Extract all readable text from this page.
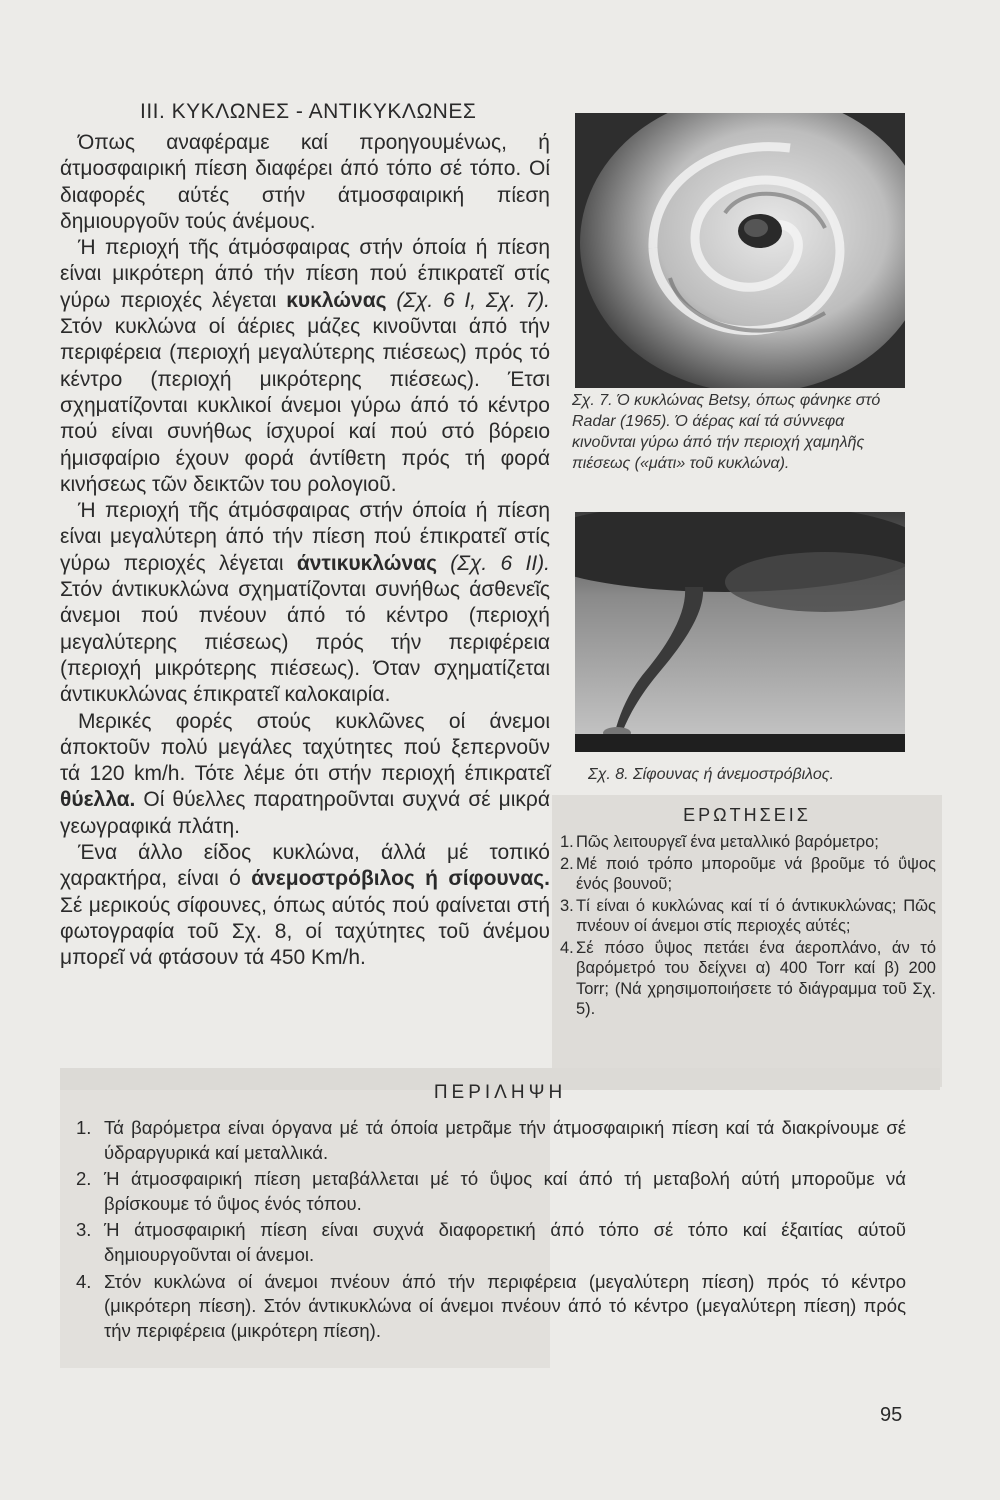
III. ΚΥΚΛΩΝΕΣ - ΑΝΤΙΚΥΚΛΩΝΕΣ

Όπως αναφέραμε καί προηγουμένως, ή άτμοσφαιρική πίεση διαφέρει άπό τόπο σέ τόπο. Οί διαφορές αύτές στήν άτμοσφαιρική πίεση δημιουργοῦν τούς άνέμους.

Ή περιοχή τῆς άτμόσφαιρας στήν όποία ή πίεση είναι μικρότερη άπό τήν πίεση πού έπικρατεῖ στίς γύρω περιοχές λέγεται κυκλώνας (Σχ. 6 Ι, Σχ. 7). Στόν κυκλώνα οί άέριες μάζες κινοῦνται άπό τήν περιφέρεια (περιοχή μεγαλύτερης πιέσεως) πρός τό κέντρο (περιοχή μικρότερης πιέσεως). Έτσι σχηματίζονται κυκλικοί άνεμοι γύρω άπό τό κέντρο πού είναι συνήθως ίσχυροί καί πού στό βόρειο ήμισφαίριο έχουν φορά άντίθετη πρός τή φορά κινήσεως τῶν δεικτῶν του ρολογιοῦ.

Ή περιοχή τῆς άτμόσφαιρας στήν όποία ή πίεση είναι μεγαλύτερη άπό τήν πίεση πού έπικρατεῖ στίς γύρω περιοχές λέγεται άντικυκλώνας (Σχ. 6 ΙΙ). Στόν άντικυκλώνα σχηματίζονται συνήθως άσθενεῖς άνεμοι πού πνέουν άπό τό κέντρο (περιοχή μεγαλύτερης πιέσεως) πρός τήν περιφέρεια (περιοχή μικρότερης πιέσεως). Όταν σχηματίζεται άντικυκλώνας έπικρατεῖ καλοκαιρία.

Μερικές φορές στούς κυκλῶνες οί άνεμοι άποκτοῦν πολύ μεγάλες ταχύτητες πού ξεπερνοῦν τά 120 km/h. Τότε λέμε ότι στήν περιοχή έπικρατεῖ θύελλα. Οί θύελλες παρατηροῦνται συχνά σέ μικρά γεωγραφικά πλάτη.

Ένα άλλο είδος κυκλώνα, άλλά μέ τοπικό χαρακτήρα, είναι ό άνεμοστρόβιλος ή σίφουνας. Σέ μερικούς σίφουνες, όπως αύτός πού φαίνεται στή φωτογραφία τοῦ Σχ. 8, οί ταχύτητες τοῦ άνέμου μπορεῖ νά φτάσουν τά 450 Km/h.

Σχ. 7. Ό κυκλώνας Betsy, όπως φάνηκε στό Radar (1965). Ό άέρας καί τά σύννεφα κινοῦνται γύρω άπό τήν περιοχή χαμηλῆς πιέσεως («μάτι» τοῦ κυκλώνα).

Σχ. 8. Σίφουνας ή άνεμοστρόβιλος.

ΕΡΩΤΗΣΕΙΣ
1. Πῶς λειτουργεῖ ένα μεταλλικό βαρόμετρο;
2. Μέ ποιό τρόπο μποροῦμε νά βροῦμε τό ΰψος ένός βουνοῦ;
3. Τί είναι ό κυκλώνας καί τί ό άντικυκλώνας; Πῶς πνέουν οί άνεμοι στίς περιοχές αύτές;
4. Σέ πόσο ΰψος πετάει ένα άεροπλάνο, άν τό βαρόμετρό του δείχνει α) 400 Torr καί β) 200 Torr; (Νά χρησιμοποιήσετε τό διάγραμμα τοῦ Σχ. 5).
ΠΕΡΙΛΗΨΗ
1. Τά βαρόμετρα είναι όργανα μέ τά όποία μετρᾶμε τήν άτμοσφαιρική πίεση καί τά διακρίνουμε σέ ύδραργυρικά καί μεταλλικά.
2. Ή άτμοσφαιρική πίεση μεταβάλλεται μέ τό ΰψος καί άπό τή μεταβολή αύτή μποροῦμε νά βρίσκουμε τό ΰψος ένός τόπου.
3. Ή άτμοσφαιρική πίεση είναι συχνά διαφορετική άπό τόπο σέ τόπο καί έξαιτίας αύτοῦ δημιουργοῦνται οί άνεμοι.
4. Στόν κυκλώνα οί άνεμοι πνέουν άπό τήν περιφέρεια (μεγαλύτερη πίεση) πρός τό κέντρο (μικρότερη πίεση). Στόν άντικυκλώνα οί άνεμοι πνέουν άπό τό κέντρο (μεγαλύτερη πίεση) πρός τήν περιφέρεια (μικρότερη πίεση).

95
